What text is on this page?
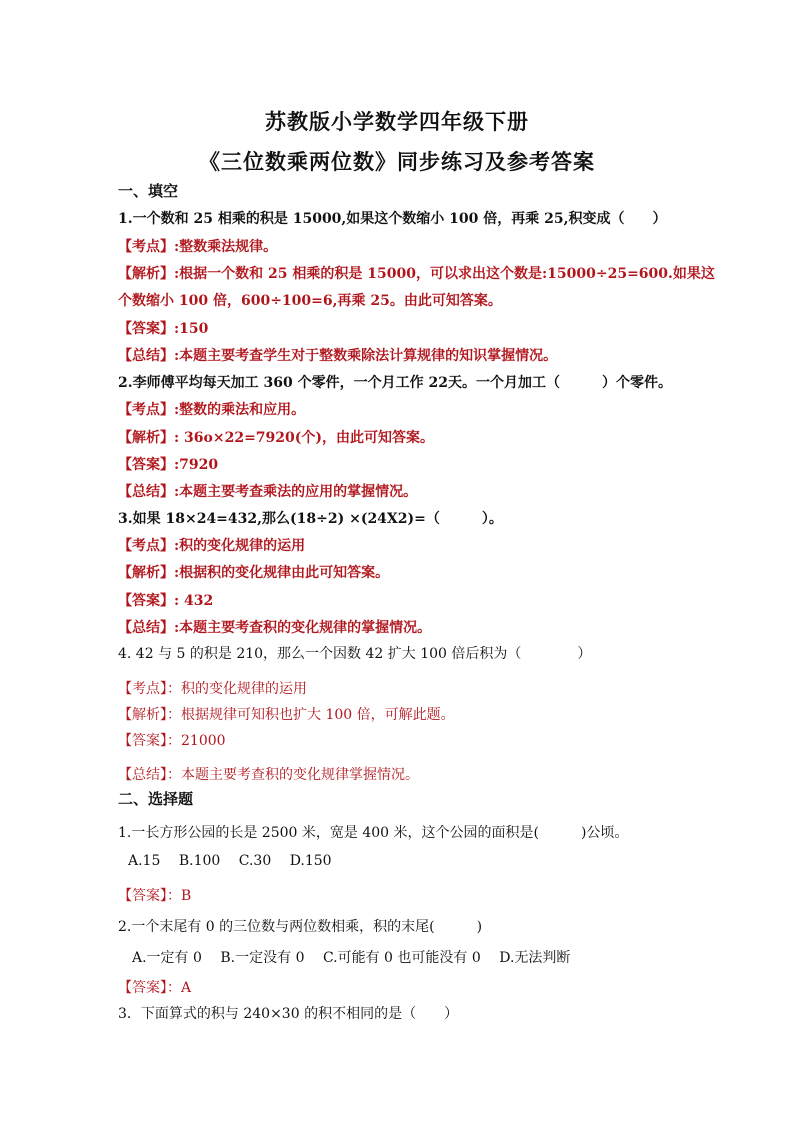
苏教版小学数学四年级下册
《三位数乘两位数》同步练习及参考答案
一、填空
1.一个数和 25 相乘的积是 15000,如果这个数缩小 100 倍，再乘 25,积变成（　　）
【考点】:整数乘法规律。
【解析】:根据一个数和 25 相乘的积是 15000，可以求出这个数是:15000÷25=600.如果这
个数缩小 100 倍，600÷100=6,再乘 25。由此可知答案。
【答案】:150
【总结】:本题主要考查学生对于整数乘除法计算规律的知识掌握情况。
2.李师傅平均每天加工 360 个零件，一个月工作 22天。一个月加工（　　　）个零件。
【考点】:整数的乘法和应用。
【解析】: 36o×22=7920(个)，由此可知答案。
【答案】:7920
【总结】:本题主要考查乘法的应用的掌握情况。
3.如果 18×24=432,那么(18÷2) ×(24X2)=（　　　）。
【考点】:积的变化规律的运用
【解析】:根据积的变化规律由此可知答案。
【答案】: 432
【总结】:本题主要考查积的变化规律的掌握情况。
4. 42 与 5 的积是 210，那么一个因数 42 扩大 100 倍后积为（　　　　）
【考点】：积的变化规律的运用
【解析】：根据规律可知积也扩大 100 倍，可解此题。
【答案】：21000
【总结】：本题主要考查积的变化规律掌握情况。
二、选择题
1.一长方形公园的长是 2500 米，宽是 400 米，这个公园的面积是(　　　)公顷。
A.15 B.100 C.30 D.150
【答案】：B
2.一个末尾有 0 的三位数与两位数相乘，积的末尾(　　　)
A.一定有 0 B.一定没有 0 C.可能有 0 也可能没有 0 D.无法判断
【答案】：A
3．下面算式的积与 240×30 的积不相同的是（　　）
